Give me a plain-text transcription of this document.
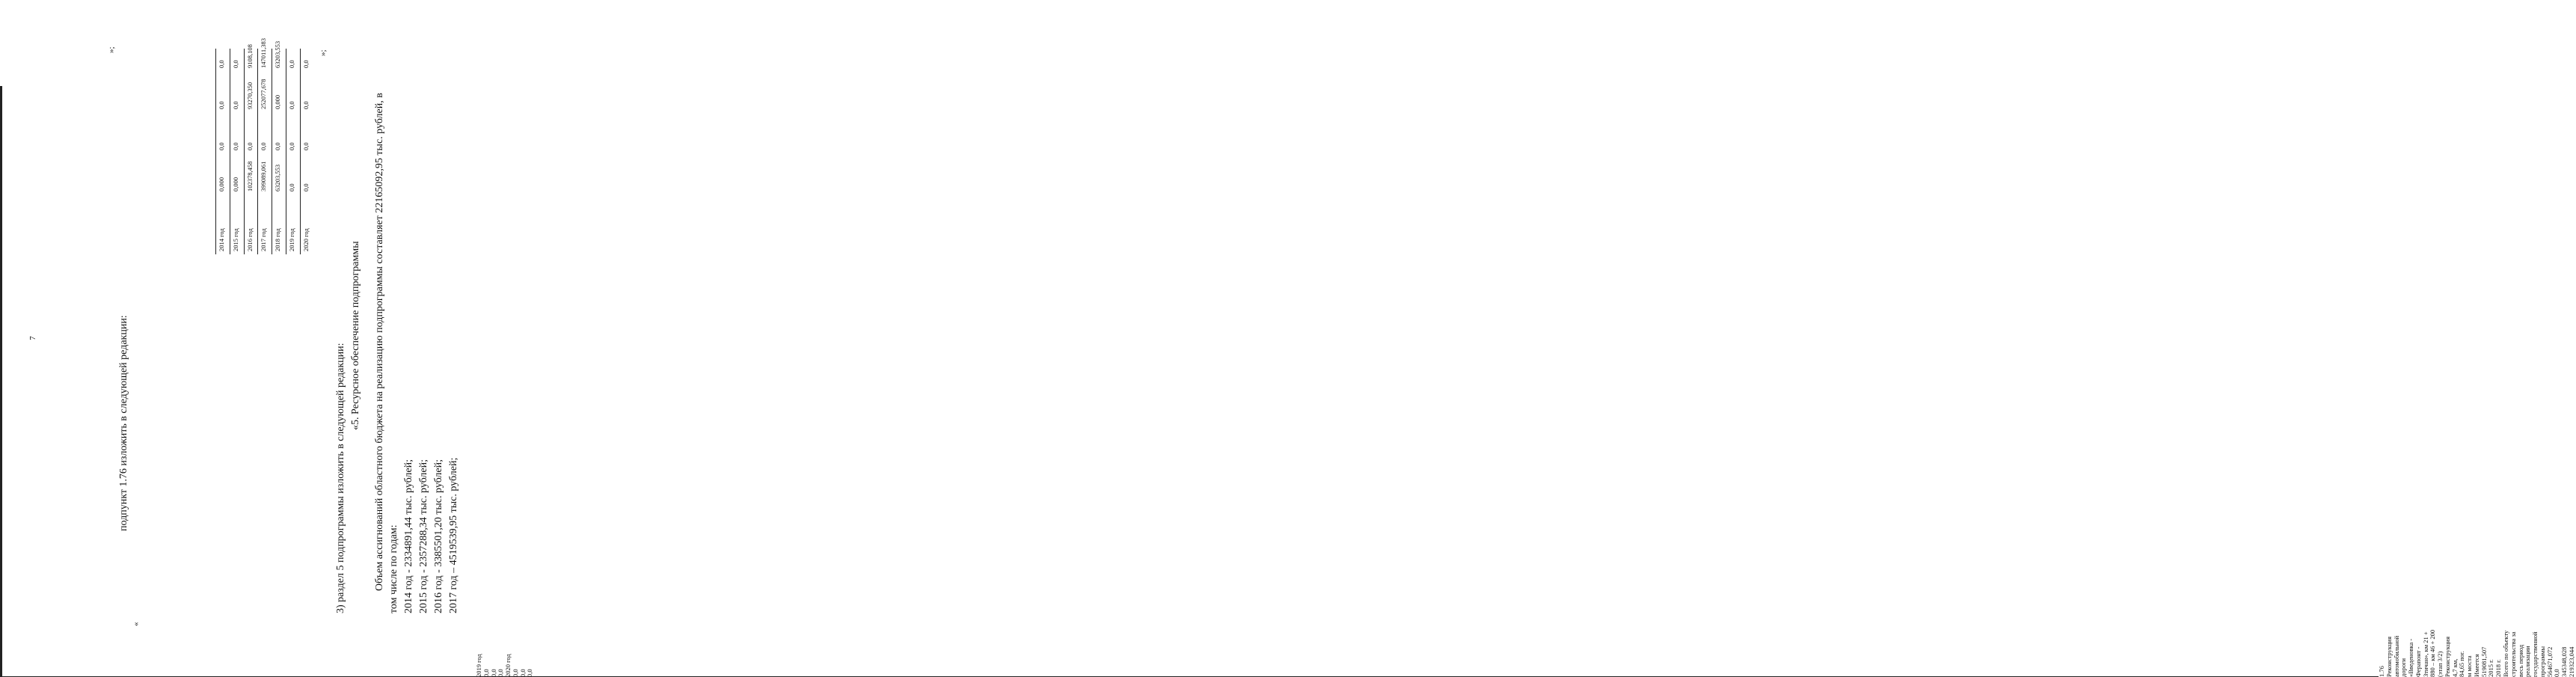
7
2019 год 0,0 0,0 0,0 2020 год 0,0 0,0 0,0
»;
подпункт 1.76 изложить в следующей редакции:
«
1.76 Реконструкция автомобильной дороги «Введеновка - Ферапонт - Зтичан», км 21 + 880 – км 46 + 200 (этап 3/2) Реконструкция 4,7 км, 84,65 пог. м моста Имеется 519081,507 2015 г. 2018 г. Всего по объекту строительства за весь период реализации государственной программы 564671,072 0,0 345348,028 219323,044
»;
3) раздел 5 подпрограммы изложить в следующей редакции:
«5. Ресурсное обеспечение подпрограммы Объем ассигнований областного бюджета на реализацию подпрограммы составляет 22165092,95 тыс. рублей, в том числе по годам:
2014 год
0,000
0,0
0,0
0,0
2015 год
0,000
0,0
0,0
0,0
2016 год
102378,458
0,0
93270,350
9108,108
2017 год
399089,061
0,0
252077,678
147011,383
2018 год
63203,553
0,0
0,000
63203,553
2019 год
0,0
0,0
0,0
0,0
2020 год
0,0
0,0
0,0
0,0
2014 год - 2334891,44 тыс. рублей; 2015 год - 2357288,34 тыс. рублей; 2016 год - 3385501,20 тыс. рублей; 2017 год – 4519539,95 тыс. рублей;
